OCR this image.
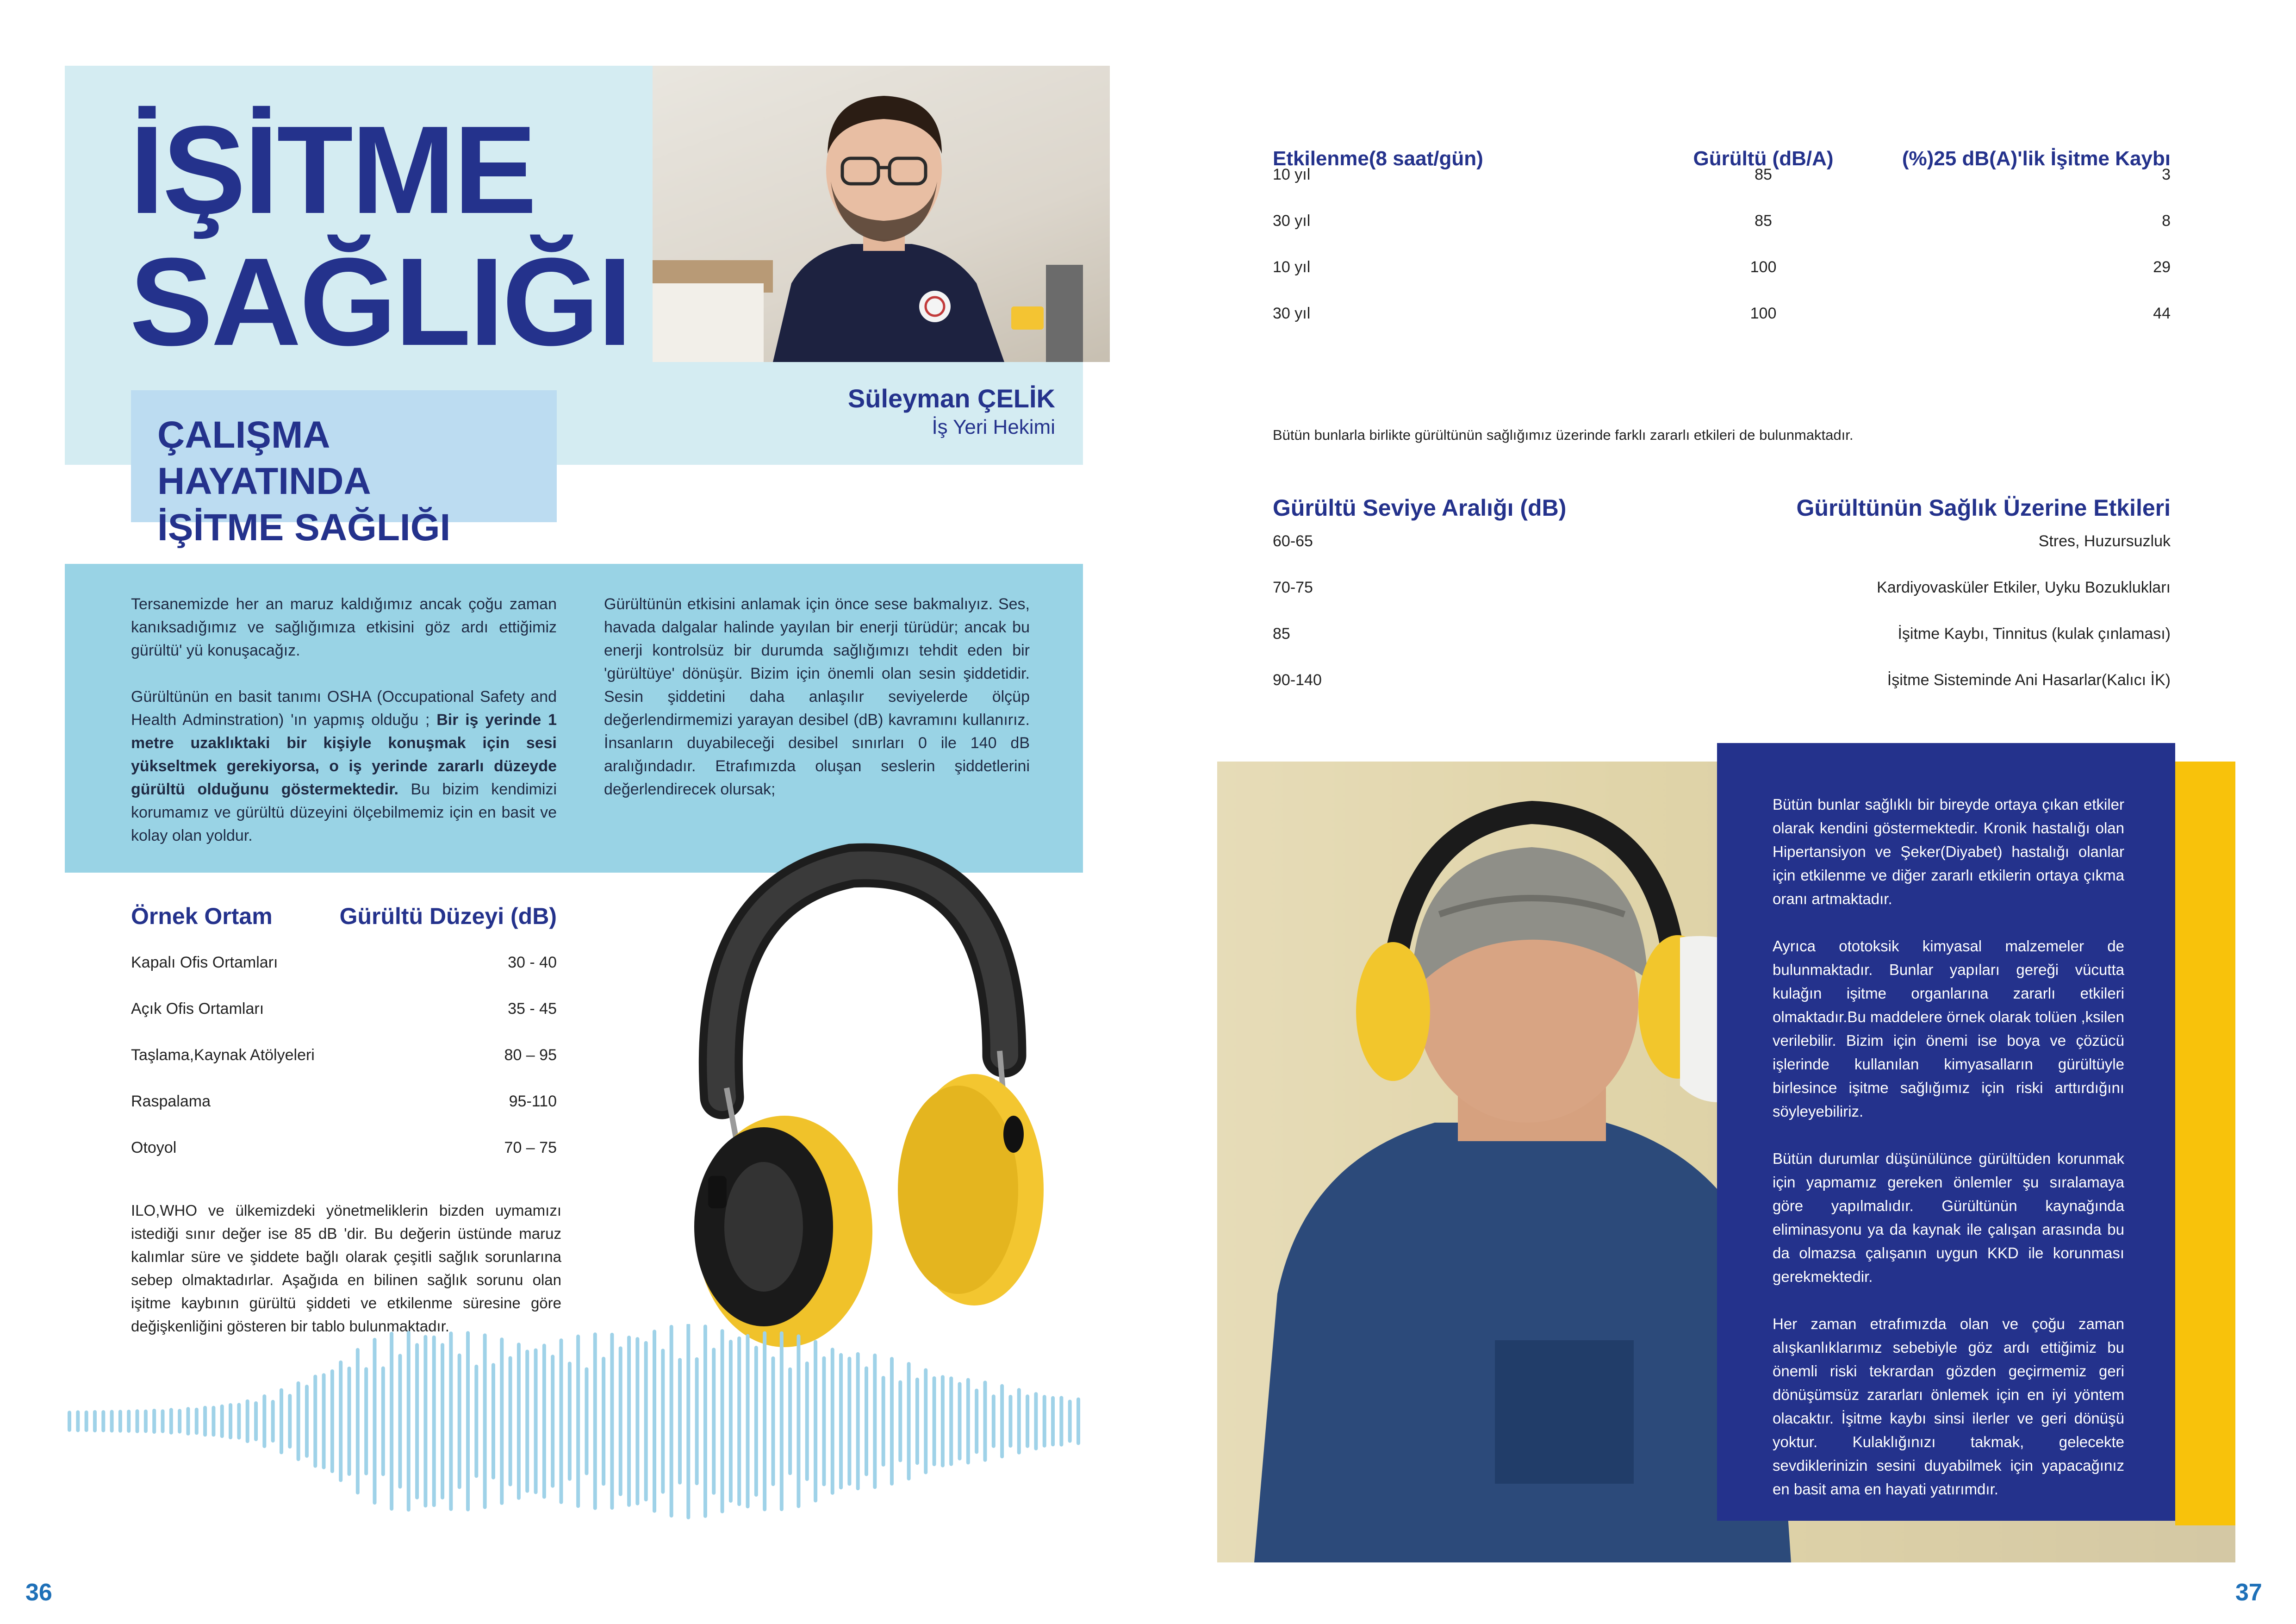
İŞİTME
SAĞLIĞI
ÇALIŞMA HAYATINDA
İŞİTME SAĞLIĞI
Süleyman ÇELİK
İş Yeri Hekimi

Tersanemizde her an maruz kaldığımız ancak çoğu zaman kanıksadığımız ve sağlığımıza etkisini göz ardı ettiğimiz gürültü' yü konuşacağız.

Gürültünün en basit tanımı OSHA (Occupational Safety and Health Adminstration) 'ın yapmış olduğu ; Bir iş yerinde 1 metre uzaklıktaki bir kişiyle konuşmak için sesi yükseltmek gerekiyorsa, o iş yerinde zararlı düzeyde gürültü olduğunu göstermektedir. Bu bizim kendimizi korumamız ve gürültü düzeyini ölçebilmemiz için en basit ve kolay olan yoldur.

Gürültünün etkisini anlamak için önce sese bakmalıyız. Ses, havada dalgalar halinde yayılan bir enerji türüdür; ancak bu enerji kontrolsüz bir durumda sağlığımızı tehdit eden bir 'gürültüye' dönüşür. Bizim için önemli olan sesin şiddetidir. Sesin şiddetini daha anlaşılır seviyelerde ölçüp değerlendirmemizi yarayan desibel (dB) kavramını kullanırız. İnsanların duyabileceği desibel sınırları 0 ile 140 dB aralığındadır. Etrafımızda oluşan seslerin şiddetlerini değerlendirecek olursak;

Örnek Ortam	Gürültü Düzeyi (dB)
Kapalı Ofis Ortamları	30 - 40
Açık Ofis Ortamları	35 - 45
Taşlama,Kaynak Atölyeleri	80 – 95
Raspalama	95-110
Otoyol	70 – 75

ILO,WHO ve ülkemizdeki yönetmeliklerin bizden uymamızı istediği sınır değer ise 85 dB 'dir. Bu değerin üstünde maruz kalımlar süre ve şiddete bağlı olarak çeşitli sağlık sorunlarına sebep olmaktadırlar. Aşağıda en bilinen sağlık sorunu olan işitme kaybının gürültü şiddeti ve etkilenme süresine göre değişkenliğini gösteren bir tablo bulunmaktadır.

36
Etkilenme(8 saat/gün)	Gürültü (dB/A)	(%)25 dB(A)'lik İşitme Kaybı
10 yıl	85	3
30 yıl	85	8
10 yıl	100	29
30 yıl	100	44
Bütün bunlarla birlikte gürültünün sağlığımız üzerinde farklı zararlı etkileri de bulunmaktadır.
Gürültü Seviye Aralığı (dB)	Gürültünün Sağlık Üzerine Etkileri
60-65	Stres, Huzursuzluk
70-75	Kardiyovasküler Etkiler, Uyku Bozuklukları
85	İşitme Kaybı, Tinnitus (kulak çınlaması)
90-140	İşitme Sisteminde Ani Hasarlar(Kalıcı İK)

Bütün bunlar sağlıklı bir bireyde ortaya çıkan etkiler olarak kendini göstermektedir. Kronik hastalığı olan Hipertansiyon ve Şeker(Diyabet) hastalığı olanlar için etkilenme ve diğer zararlı etkilerin ortaya çıkma oranı artmaktadır.

Ayrıca ototoksik kimyasal malzemeler de bulunmaktadır. Bunlar yapıları gereği vücutta kulağın işitme organlarına zararlı etkileri olmaktadır.Bu maddelere örnek olarak tolüen ,ksilen verilebilir. Bizim için önemi ise boya ve çözücü işlerinde kullanılan kimyasalların gürültüyle birlesince işitme sağlığımız için riski arttırdığını söyleyebiliriz.

Bütün durumlar düşünülünce gürültüden korunmak için yapmamız gereken önlemler şu sıralamaya göre yapılmalıdır. Gürültünün kaynağında eliminasyonu ya da kaynak ile çalışan arasında bu da olmazsa çalışanın uygun KKD ile korunması gerekmektedir.

Her zaman etrafımızda olan ve çoğu zaman alışkanlıklarımız sebebiyle göz ardı ettiğimiz bu önemli riski tekrardan gözden geçirmemiz geri dönüşümsüz zararları önlemek için en iyi yöntem olacaktır. İşitme kaybı sinsi ilerler ve geri dönüşü yoktur. Kulaklığınızı takmak, gelecekte sevdiklerinizin sesini duyabilmek için yapacağınız en basit ama en hayati yatırımdır.

37
